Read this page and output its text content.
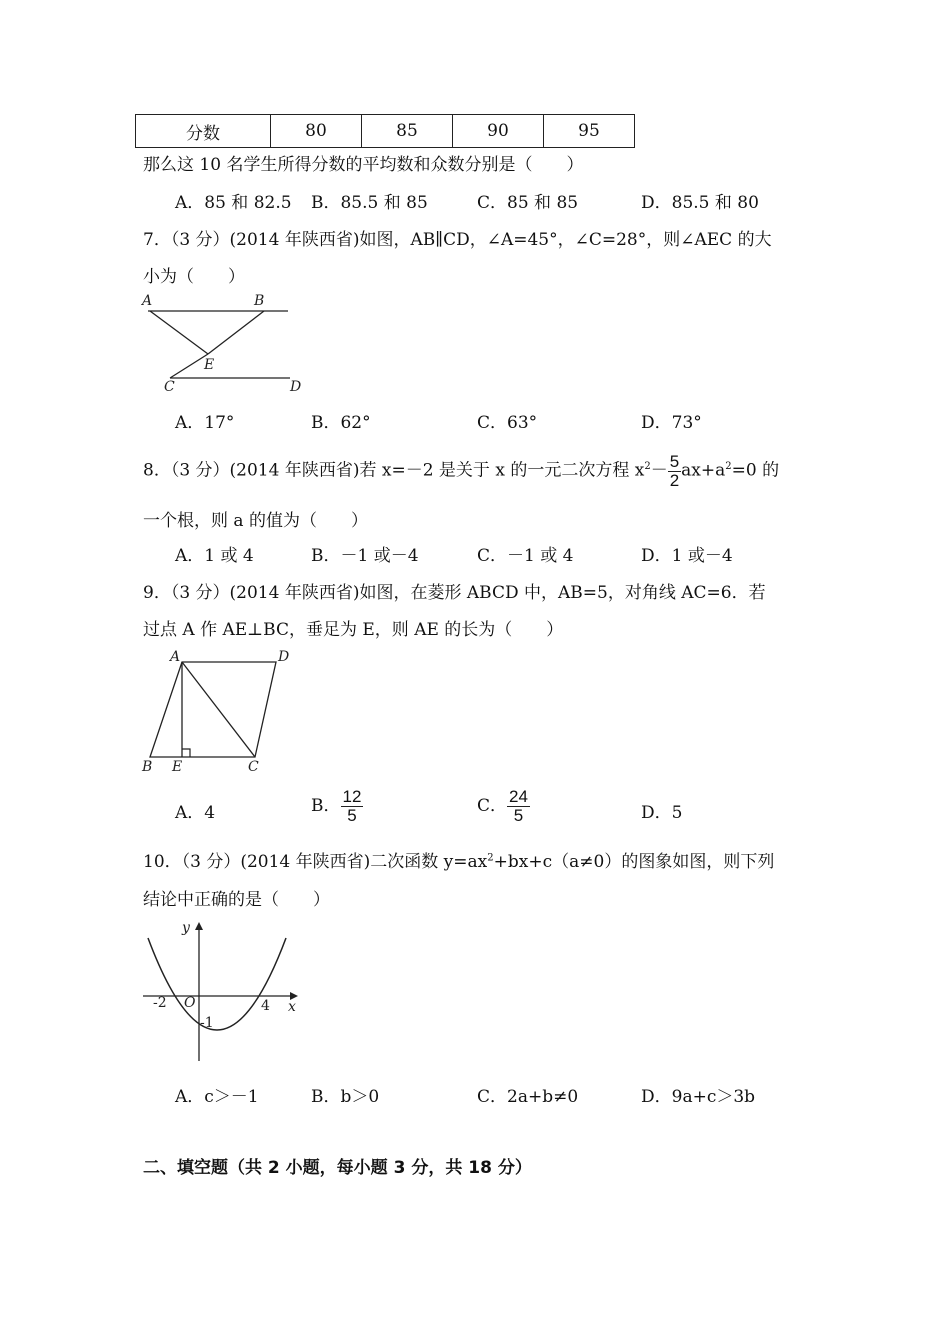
分数	80	85	90	95
那么这 10 名学生所得分数的平均数和众数分别是（　　）
A．85 和 82.5 B．85.5 和 85	C．85 和 85	D．85.5 和 80
7．（3 分）(2014 年陕西省)如图，AB∥CD，∠A=45°，∠C=28°，则∠AEC 的大
小为（　　）
A	B
E
C	D
A．17°	B．62°	C．63°	D．73°
8．（3 分）(2014 年陕西省)若 x=－2 是关于 x 的一元二次方程 $x^2- \frac{5}{2} ax+a^2=0$ 的
一个根，则 a 的值为（　　）
A．1 或 4	B．－1 或－4	C．－1 或 4	D．1 或－4
9．（3 分）(2014 年陕西省)如图，在菱形 ABCD 中，AB=5，对角线 AC=6．若
过点 A 作 AE⊥BC，垂足为 E，则 AE 的长为（　　）
A	D
B E	C
A．4	B． $\frac{12}{5}$	C． $\frac{24}{5}$	D．5
10．（3 分）(2014 年陕西省)二次函数 $y=ax^2+bx+c(a\ne 0)$的图象如图，则下列
结论中正确的是（　　）
y
x
O
-2	4
-1
A．c＞－1	B．b＞0	C．2a+b≠0	D．9a+c＞3b
二、填空题（共 2 小题，每小题 3 分，共 18 分）
